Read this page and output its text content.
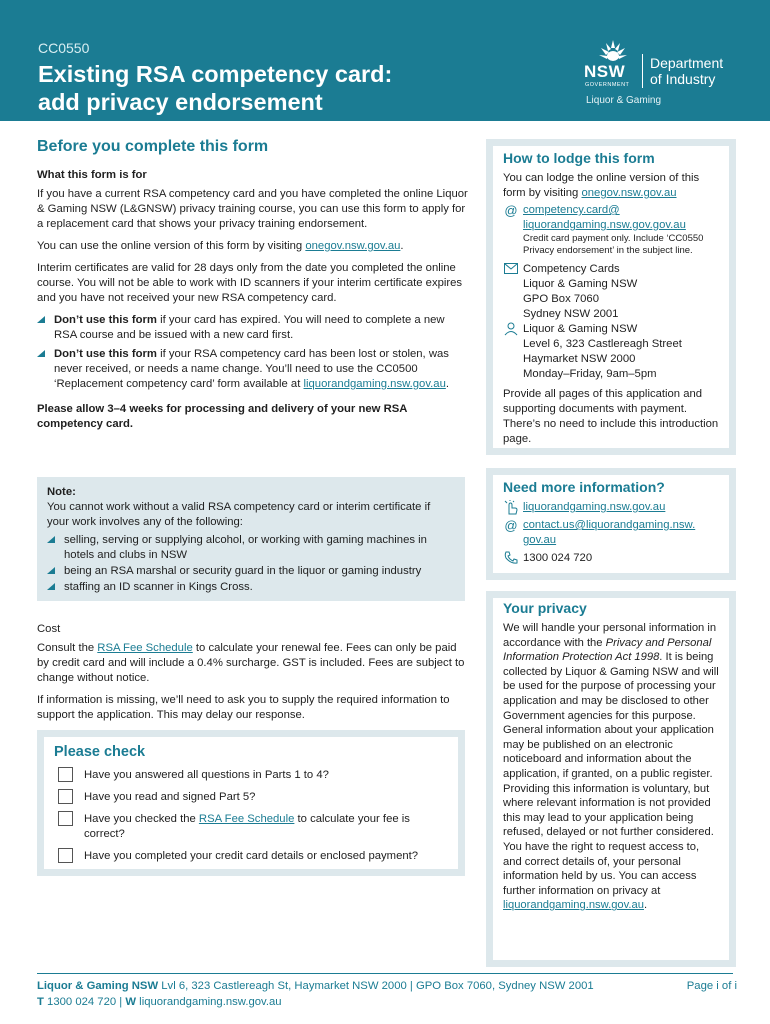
CC0550
Existing RSA competency card:
add privacy endorsement
NSW
GOVERNMENT
Department
of Industry
Liquor & Gaming
Before you complete this form
What this form is for
If you have a current RSA competency card and you have completed the online Liquor & Gaming NSW (L&GNSW) privacy training course, you can use this form to apply for a replacement card that shows your privacy training endorsement.
You can use the online version of this form by visiting onegov.nsw.gov.au.
Interim certificates are valid for 28 days only from the date you completed the online course. You will not be able to work with ID scanners if your interim certificate expires and you have not received your new RSA competency card.
Don’t use this form if your card has expired. You will need to complete a new RSA course and be issued with a new card first.
Don’t use this form if your RSA competency card has been lost or stolen, was never received, or needs a name change. You’ll need to use the CC0500 ‘Replacement competency card’ form available at liquorandgaming.nsw.gov.au.
Please allow 3–4 weeks for processing and delivery of your new RSA competency card.
Note:
You cannot work without a valid RSA competency card or interim certificate if your work involves any of the following:
selling, serving or supplying alcohol, or working with gaming machines in hotels and clubs in NSW
being an RSA marshal or security guard in the liquor or gaming industry
staffing an ID scanner in Kings Cross.
Cost
Consult the RSA Fee Schedule to calculate your renewal fee. Fees can only be paid by credit card and will include a 0.4% surcharge. GST is included. Fees are subject to change without notice.
If information is missing, we’ll need to ask you to supply the required information to support the application. This may delay our response.
Please check
Have you answered all questions in Parts 1 to 4?
Have you read and signed Part 5?
Have you checked the RSA Fee Schedule to calculate your fee is correct?
Have you completed your credit card details or enclosed payment?
How to lodge this form
You can lodge the online version of this form by visiting onegov.nsw.gov.au
@ competency.card@
liquorandgaming.nsw.gov.gov.au
Credit card payment only. Include ‘CC0550 Privacy endorsement’ in the subject line.
Competency Cards
Liquor & Gaming NSW
GPO Box 7060
Sydney NSW 2001
Liquor & Gaming NSW
Level 6, 323 Castlereagh Street
Haymarket NSW 2000
Monday–Friday, 9am–5pm
Provide all pages of this application and supporting documents with payment. There’s no need to include this introduction page.
Need more information?
liquorandgaming.nsw.gov.au
@ contact.us@liquorandgaming.nsw.
gov.au
1300 024 720
Your privacy
We will handle your personal information in accordance with the Privacy and Personal Information Protection Act 1998. It is being collected by Liquor & Gaming NSW and will be used for the purpose of processing your application and may be disclosed to other Government agencies for this purpose. General information about your application may be published on an electronic noticeboard and information about the application, if granted, on a public register. Providing this information is voluntary, but where relevant information is not provided this may lead to your application being refused, delayed or not further considered. You have the right to request access to, and correct details of, your personal information held by us. You can access further information on privacy at liquorandgaming.nsw.gov.au.
Liquor & Gaming NSW Lvl 6, 323 Castlereagh St, Haymarket NSW 2000 | GPO Box 7060, Sydney NSW 2001
T 1300 024 720 | W liquorandgaming.nsw.gov.au
Page i of i
